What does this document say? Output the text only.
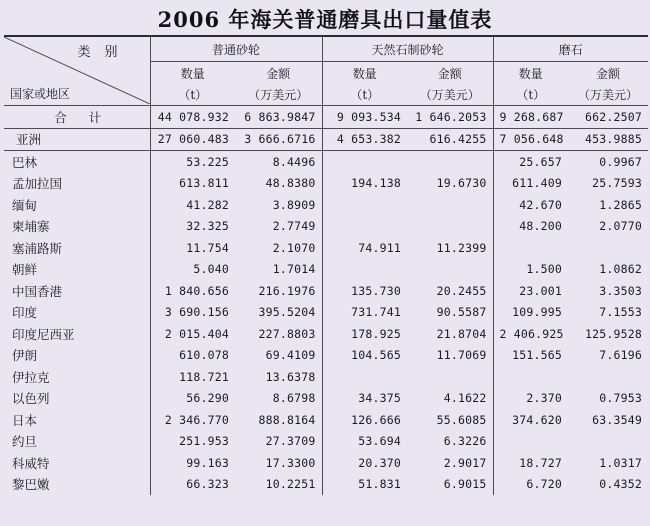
2006 年海关普通磨具出口量值表
类别
国家或地区	普通砂轮		天然石制砂轮		磨石	
	数量	金额	数量	金额	数量	金额
	（t）	（万美元）	（t）	（万美元）	（t）	（万美元）
合计	44 078.932	6 863.9847	9 093.534	1 646.2053	9 268.687	662.2507
亚洲	27 060.483	3 666.6716	4 653.382	616.4255	7 056.648	453.9885
巴林	53.225	8.4496			25.657	0.9967
孟加拉国	613.811	48.8380	194.138	19.6730	611.409	25.7593
缅甸	41.282	3.8909			42.670	1.2865
柬埔寨	32.325	2.7749			48.200	2.0770
塞浦路斯	11.754	2.1070	74.911	11.2399		
朝鲜	5.040	1.7014			1.500	1.0862
中国香港	1 840.656	216.1976	135.730	20.2455	23.001	3.3503
印度	3 690.156	395.5204	731.741	90.5587	109.995	7.1553
印度尼西亚	2 015.404	227.8803	178.925	21.8704	2 406.925	125.9528
伊朗	610.078	69.4109	104.565	11.7069	151.565	7.6196
伊拉克	118.721	13.6378				
以色列	56.290	8.6798	34.375	4.1622	2.370	0.7953
日本	2 346.770	888.8164	126.666	55.6085	374.620	63.3549
约旦	251.953	27.3709	53.694	6.3226		
科威特	99.163	17.3300	20.370	2.9017	18.727	1.0317
黎巴嫩	66.323	10.2251	51.831	6.9015	6.720	0.4352
